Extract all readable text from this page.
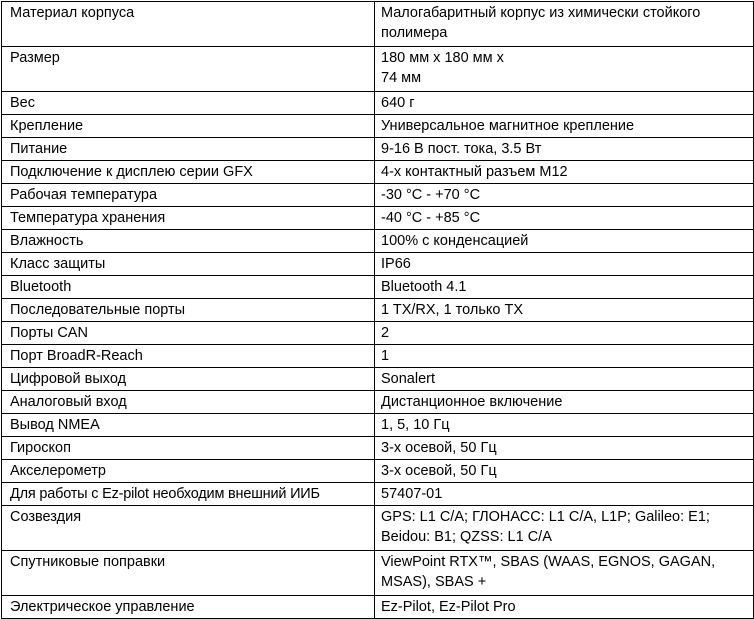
Материал корпуса	Малогабаритный корпус из химически стойкого полимера
Размер	180 мм x 180 мм x
74 мм
Вес	640 г
Крепление	Универсальное магнитное крепление
Питание	9-16 В пост. тока, 3.5 Вт
Подключение к дисплею серии GFX	4-х контактный разъем M12
Рабочая температура	-30 °C - +70 °C
Температура хранения	-40 °C - +85 °C
Влажность	100% с конденсацией
Класс защиты	IP66
Bluetooth	Bluetooth 4.1
Последовательные порты	1 TX/RX, 1 только TX
Порты CAN	2
Порт BroadR-Reach	1
Цифровой выход	Sonalert
Аналоговый вход	Дистанционное включение
Вывод NMEA	1, 5, 10 Гц
Гироскоп	3-х осевой, 50 Гц
Акселерометр	3-х осевой, 50 Гц
Для работы с Ez-pilot необходим внешний ИИБ	57407-01
Созвездия	GPS: L1 C/A; ГЛОНАСС: L1 C/A, L1P; Galileo: E1; Beidou: B1; QZSS: L1 C/A
Спутниковые поправки	ViewPoint RTX™, SBAS (WAAS, EGNOS, GAGAN, MSAS), SBAS +
Электрическое управление	Ez-Pilot, Ez-Pilot Pro
